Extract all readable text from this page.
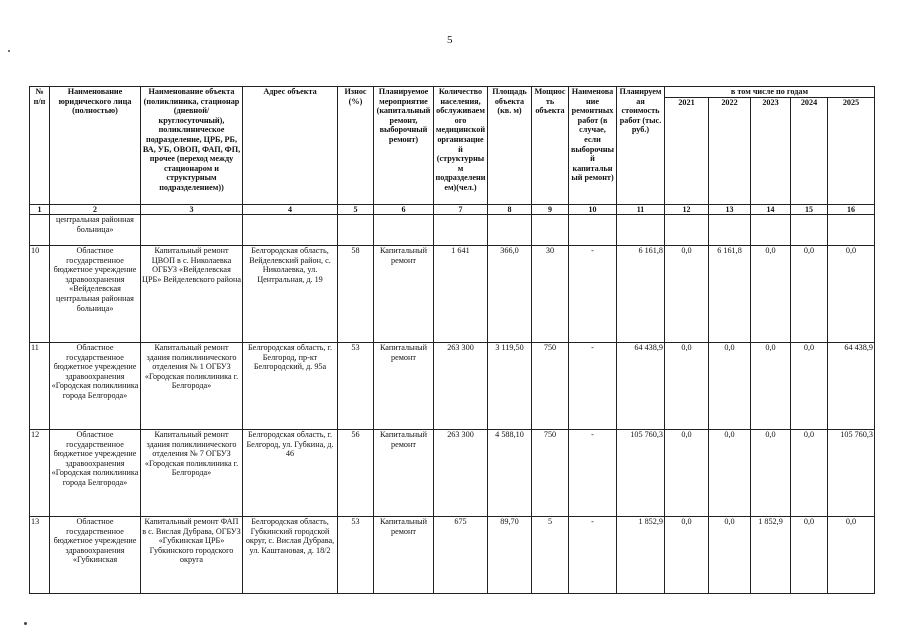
5
№ п/п	Наименование юридического лица (полностью)	Наименование объекта (поликлиника, стационар (дневной/ круглосуточный), поликлиническое подразделение, ЦРБ, РБ, ВА, УБ, ОВОП, ФАП, ФП, прочее (переход между стационаром и структурным подразделением))	Адрес объекта	Износ (%)	Планируемое мероприятие (капитальный ремонт, выборочный ремонт)	Количество населения, обслуживаемого медицинской организацией (структурным подразделением)(чел.)	Площадь объекта (кв. м)	Мощность объекта	Наименование ремонтных работ (в случае, если выборочный капитальный ремонт)	Планируемая стоимость работ (тыс. руб.)	в том числе по годам				
											2021	2022	2023	2024	2025
1	2	3	4	5	6	7	8	9	10	11	12	13	14	15	16
	центральная районная больница»														
10	Областное государственное бюджетное учреждение здравоохранения «Вейделевская центральная районная больница»	Капитальный ремонт ЦВОП в с. Николаевка ОГБУЗ «Вейделевская ЦРБ» Вейделевского района	Белгородская область, Вейделевский район, с. Николаевка, ул. Центральная, д. 19	58	Капитальный ремонт	1 641	366,0	30	-	6 161,8	0,0	6 161,8	0,0	0,0	0,0
11	Областное государственное бюджетное учреждение здравоохранения «Городская поликлиника города Белгорода»	Капитальный ремонт здания поликлинического отделения № 1 ОГБУЗ «Городская поликлиника г. Белгорода»	Белгородская область, г. Белгород, пр-кт Белгородский, д. 95а	53	Капитальный ремонт	263 300	3 119,50	750	-	64 438,9	0,0	0,0	0,0	0,0	64 438,9
12	Областное государственное бюджетное учреждение здравоохранения «Городская поликлиника города Белгорода»	Капитальный ремонт здания поликлинического отделения № 7 ОГБУЗ «Городская поликлиника г. Белгорода»	Белгородская область, г. Белгород, ул. Губкина, д. 46	56	Капитальный ремонт	263 300	4 588,10	750	-	105 760,3	0,0	0,0	0,0	0,0	105 760,3
13	Областное государственное бюджетное учреждение здравоохранения «Губкинская	Капитальный ремонт ФАП в с. Вислая Дубрава, ОГБУЗ «Губкинская ЦРБ» Губкинского городского округа	Белгородская область, Губкинский городской округ, с. Вислая Дубрава, ул. Каштановая, д. 18/2	53	Капитальный ремонт	675	89,70	5	-	1 852,9	0,0	0,0	1 852,9	0,0	0,0
